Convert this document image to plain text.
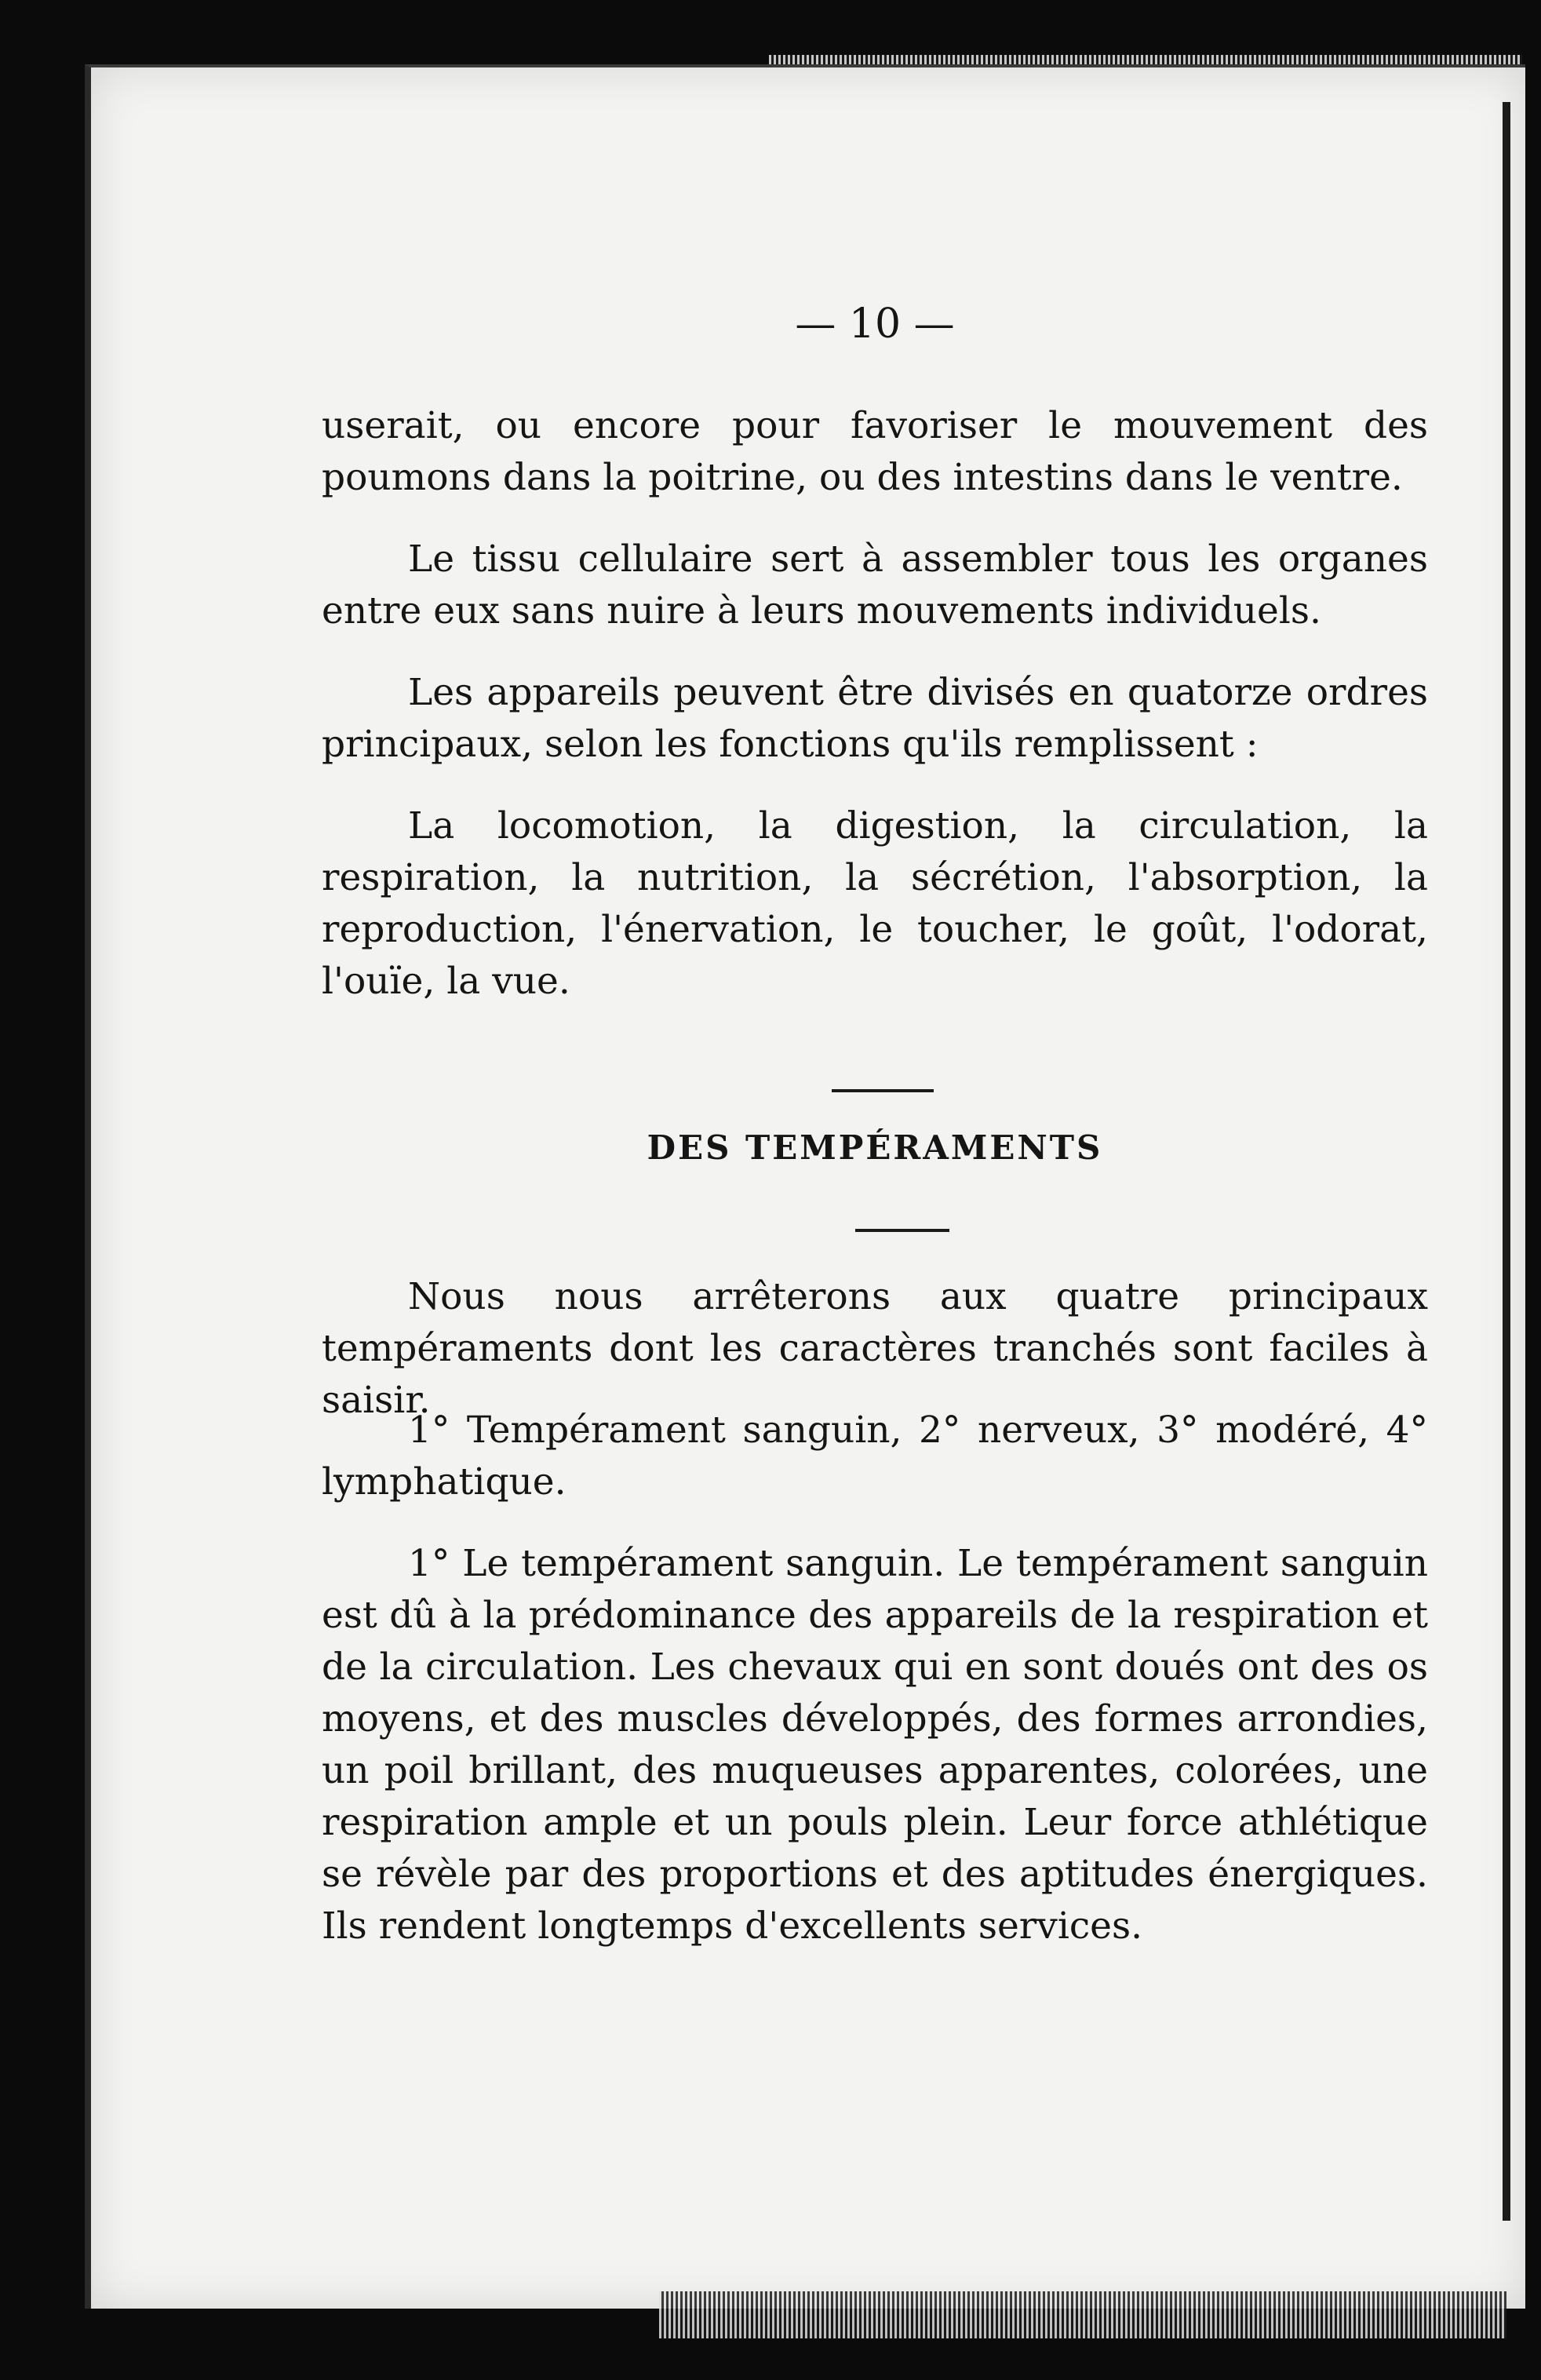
— 10 —

userait, ou encore pour favoriser le mouvement des poumons dans la poitrine, ou des intestins dans le ventre.

Le tissu cellulaire sert à assembler tous les organes entre eux sans nuire à leurs mouvements individuels.

Les appareils peuvent être divisés en quatorze ordres principaux, selon les fonctions qu'ils remplissent :

La locomotion, la digestion, la circulation, la respiration, la nutrition, la sécrétion, l'absorption, la reproduction, l'énervation, le toucher, le goût, l'odorat, l'ouïe, la vue.

DES TEMPÉRAMENTS

Nous nous arrêterons aux quatre principaux tempéraments dont les caractères tranchés sont faciles à saisir.

1° Tempérament sanguin, 2° nerveux, 3° modéré, 4° lymphatique.

1° Le tempérament sanguin. Le tempérament sanguin est dû à la prédominance des appareils de la respiration et de la circulation. Les chevaux qui en sont doués ont des os moyens, et des muscles développés, des formes arrondies, un poil brillant, des muqueuses apparentes, colorées, une respiration ample et un pouls plein. Leur force athlétique se révèle par des proportions et des aptitudes énergiques. Ils rendent longtemps d'excellents services.
